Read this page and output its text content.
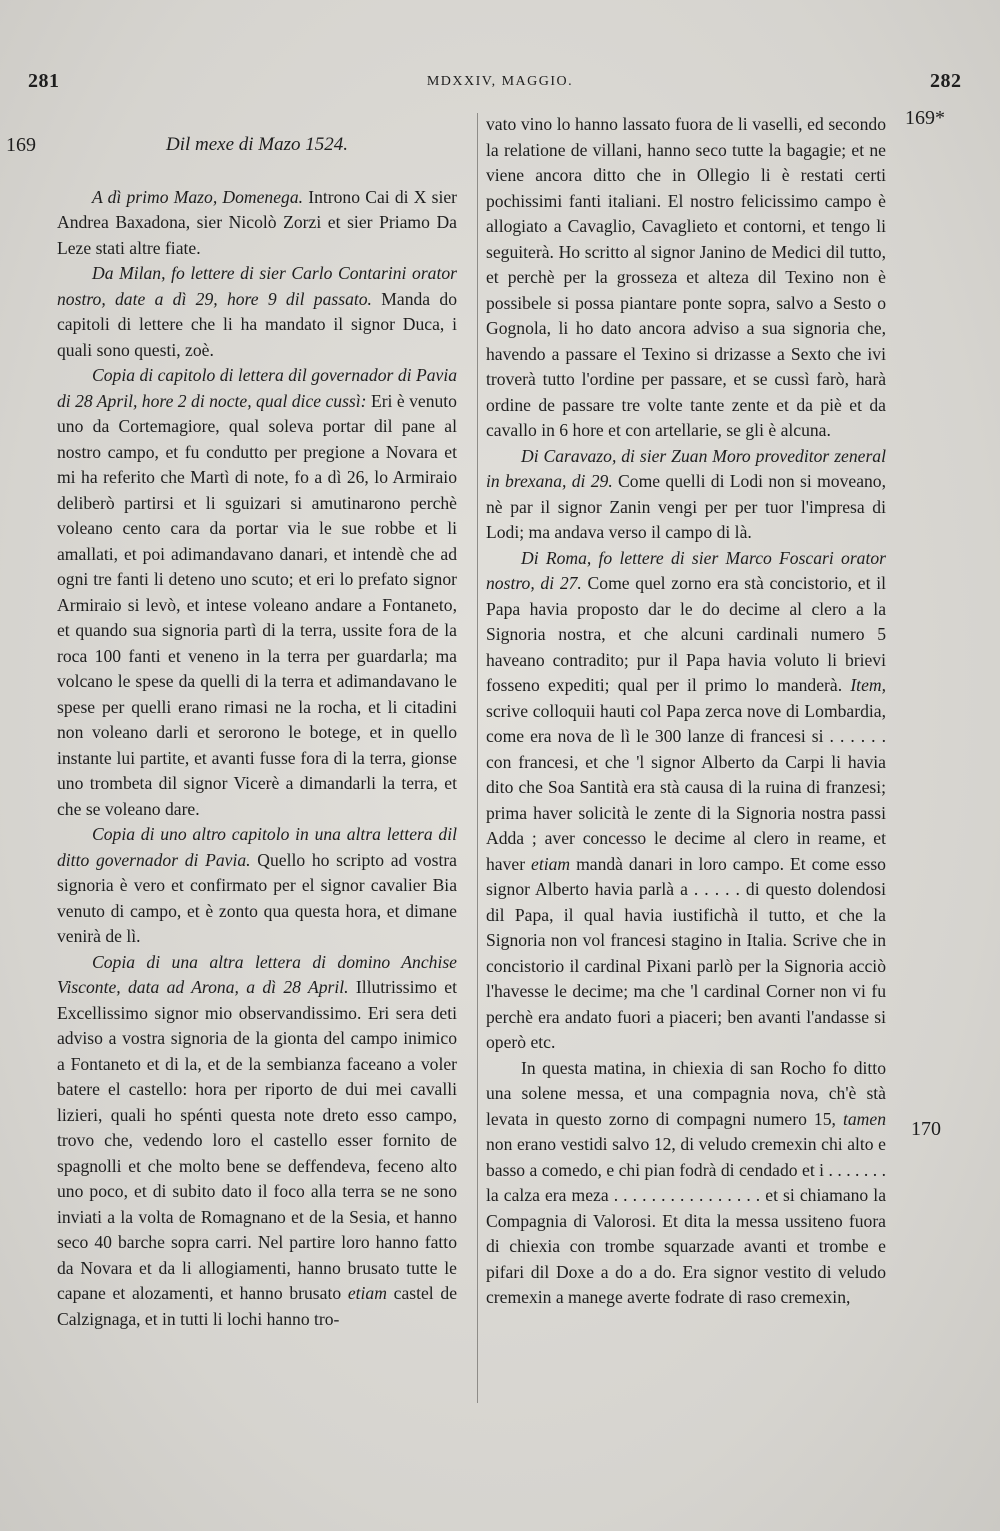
281	MDXXIV, MAGGIO.	282
169
169*
170

Dil mexe di Mazo 1524.

A dì primo Mazo, Domenega. Introno Cai di X sier Andrea Baxadona, sier Nicolò Zorzi et sier Priamo Da Leze stati altre fiate.

Da Milan, fo lettere di sier Carlo Contarini orator nostro, date a dì 29, hore 9 dil passato. Manda do capitoli di lettere che li ha mandato il signor Duca, i quali sono questi, zoè.

Copia di capitolo di lettera dil governador di Pavia di 28 April, hore 2 di nocte, qual dice cussì: Eri è venuto uno da Cortemagiore, qual soleva portar dil pane al nostro campo, et fu condutto per pregione a Novara et mi ha referito che Martì di note, fo a dì 26, lo Armiraio deliberò partirsi et li sguizari si amutinarono perchè voleano cento cara da portar via le sue robbe et li amallati, et poi adimandavano danari, et intendè che ad ogni tre fanti li deteno uno scuto; et eri lo prefato signor Armiraio si levò, et intese voleano andare a Fontaneto, et quando sua signoria partì di la terra, ussite fora de la roca 100 fanti et veneno in la terra per guardarla; ma volcano le spese da quelli di la terra et adimandavano le spese per quelli erano rimasi ne la rocha, et li citadini non voleano darli et serorono le botege, et in quello instante lui partite, et avanti fusse fora di la terra, gionse uno trombeta dil signor Vicerè a dimandarli la terra, et che se voleano dare.

Copia di uno altro capitolo in una altra lettera dil ditto governador di Pavia. Quello ho scripto ad vostra signoria è vero et confirmato per el signor cavalier Bia venuto di campo, et è zonto qua questa hora, et dimane venirà de lì.

Copia di una altra lettera di domino Anchise Visconte, data ad Arona, a dì 28 April. Illutrissimo et Excellissimo signor mio observandissimo. Eri sera deti adviso a vostra signoria de la gionta del campo inimico a Fontaneto et di la, et de la sembianza faceano a voler batere el castello: hora per riporto de dui mei cavalli lizieri, quali ho spénti questa note dreto esso campo, trovo che, vedendo loro el castello esser fornito de spagnolli et che molto bene se deffendeva, feceno alto uno poco, et di subito dato il foco alla terra se ne sono inviati a la volta de Romagnano et de la Sesia, et hanno seco 40 barche sopra carri. Nel partire loro hanno fatto da Novara et da li allogiamenti, hanno brusato tutte le capane et alozamenti, et hanno brusato etiam castel de Calzignaga, et in tutti li lochi hanno tro-

vato vino lo hanno lassato fuora de li vaselli, ed secondo la relatione de villani, hanno seco tutte la bagagie; et ne viene ancora ditto che in Ollegio li è restati certi pochissimi fanti italiani. El nostro felicissimo campo è allogiato a Cavaglio, Cavaglieto et contorni, et tengo li seguiterà. Ho scritto al signor Janino de Medici dil tutto, et perchè per la grosseza et alteza dil Texino non è possibele si possa piantare ponte sopra, salvo a Sesto o Gognola, li ho dato ancora adviso a sua signoria che, havendo a passare el Texino si drizasse a Sexto che ivi troverà tutto l'ordine per passare, et se cussì farò, harà ordine de passare tre volte tante zente et da piè et da cavallo in 6 hore et con artellarie, se gli è alcuna.

Di Caravazo, di sier Zuan Moro proveditor zeneral in brexana, di 29. Come quelli di Lodi non si moveano, nè par il signor Zanin vengi per per tuor l'impresa di Lodi; ma andava verso il campo di là.

Di Roma, fo lettere di sier Marco Foscari orator nostro, di 27. Come quel zorno era stà concistorio, et il Papa havia proposto dar le do decime al clero a la Signoria nostra, et che alcuni cardinali numero 5 haveano contradito; pur il Papa havia voluto li brievi fosseno expediti; qual per il primo lo manderà. Item, scrive colloquii hauti col Papa zerca nove di Lombardia, come era nova de lì le 300 lanze di francesi si . . . . . . con francesi, et che 'l signor Alberto da Carpi li havia dito che Soa Santità era stà causa di la ruina di franzesi; prima haver solicità le zente di la Signoria nostra passi Adda ; aver concesso le decime al clero in reame, et haver etiam mandà danari in loro campo. Et come esso signor Alberto havia parlà a . . . . . di questo dolendosi dil Papa, il qual havia iustifichà il tutto, et che la Signoria non vol francesi stagino in Italia. Scrive che in concistorio il cardinal Pixani parlò per la Signoria acciò l'havesse le decime; ma che 'l cardinal Corner non vi fu perchè era andato fuori a piaceri; ben avanti l'andasse si operò etc.

In questa matina, in chiexia di san Rocho fo ditto una solene messa, et una compagnia nova, ch'è stà levata in questo zorno di compagni numero 15, tamen non erano vestidi salvo 12, di veludo cremexin chi alto e basso a comedo, e chi pian fodrà di cendado et i . . . . . . . la calza era meza . . . . . . . . . . . . . . . . et si chiamano la Compagnia di Valorosi. Et dita la messa ussiteno fuora di chiexia con trombe squarzade avanti et trombe e pifari dil Doxe a do a do. Era signor vestito di veludo cremexin a manege averte fodrate di raso cremexin,
